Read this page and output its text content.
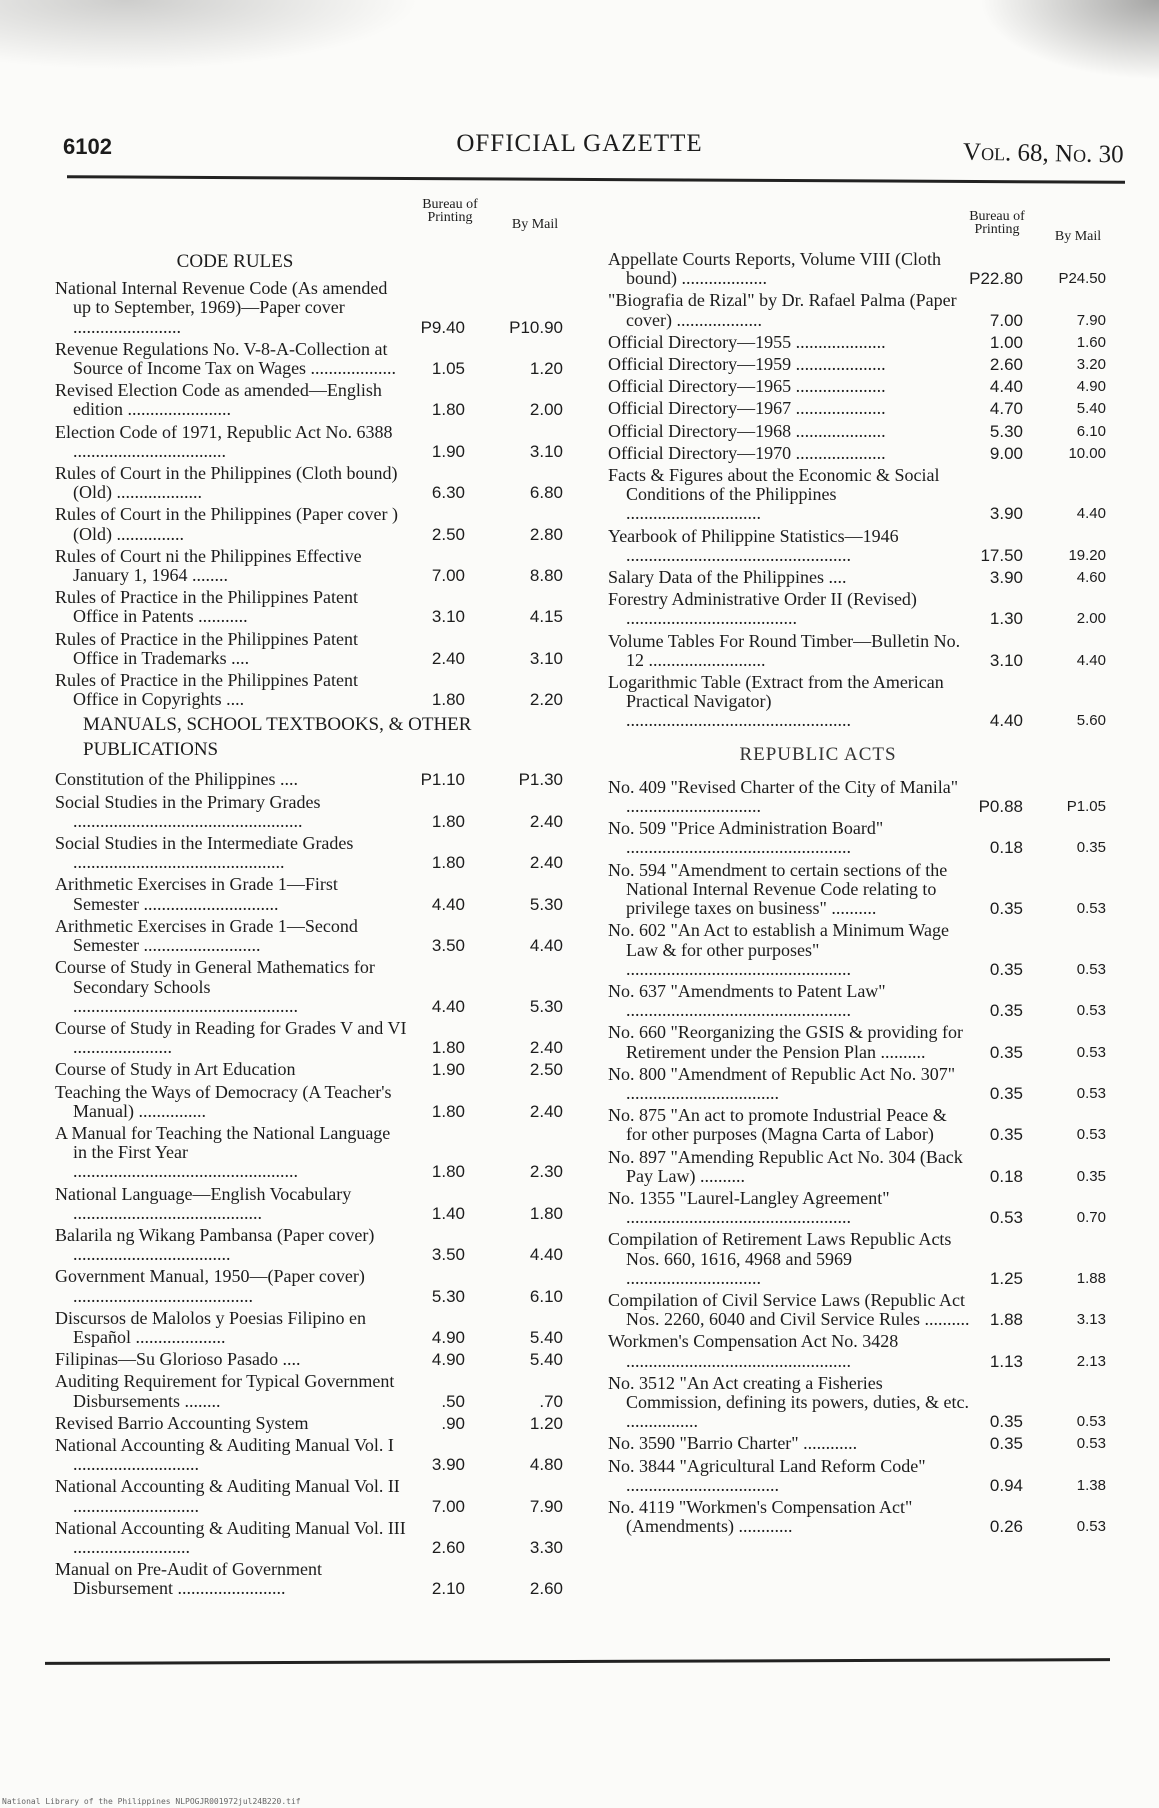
6102	OFFICIAL GAZETTE	Vol. 68, No. 30
Bureau of Printing	By Mail
CODE RULES
National Internal Revenue Code (As amended up to September, 1969)—Paper cover ........................	P9.40	P10.90
Revenue Regulations No. V-8-A-Collection at Source of Income Tax on Wages ...................	1.05	1.20
Revised Election Code as amended—English edition .......................	1.80	2.00
Election Code of 1971, Republic Act No. 6388 ..................................	1.90	3.10
Rules of Court in the Philippines (Cloth bound) (Old) ...................	6.30	6.80
Rules of Court in the Philippines (Paper cover ) (Old) ...............	2.50	2.80
Rules of Court ni the Philippines Effective January 1, 1964 ........	7.00	8.80
Rules of Practice in the Philippines Patent Office in Patents ...........	3.10	4.15
Rules of Practice in the Philippines Patent Office in Trademarks ....	2.40	3.10
Rules of Practice in the Philippines Patent Office in Copyrights ....	1.80	2.20
MANUALS, SCHOOL TEXTBOOKS, & OTHER PUBLICATIONS
Constitution of the Philippines ....	P1.10	P1.30
Social Studies in the Primary Grades ...................................................	1.80	2.40
Social Studies in the Intermediate Grades ...............................................	1.80	2.40
Arithmetic Exercises in Grade 1—First Semester ..............................	4.40	5.30
Arithmetic Exercises in Grade 1—Second Semester ..........................	3.50	4.40
Course of Study in General Mathematics for Secondary Schools ..................................................	4.40	5.30
Course of Study in Reading for Grades V and VI ......................	1.80	2.40
Course of Study in Art Education	1.90	2.50
Teaching the Ways of Democracy (A Teacher's Manual) ...............	1.80	2.40
A Manual for Teaching the National Language in the First Year ..................................................	1.80	2.30
National Language—English Vocabulary ..........................................	1.40	1.80
Balarila ng Wikang Pambansa (Paper cover) ...................................	3.50	4.40
Government Manual, 1950—(Paper cover) ........................................	5.30	6.10
Discursos de Malolos y Poesias Filipino en Español ....................	4.90	5.40
Filipinas—Su Glorioso Pasado ....	4.90	5.40
Auditing Requirement for Typical Government Disbursements ........	.50	.70
Revised Barrio Accounting System	.90	1.20
National Accounting & Auditing Manual Vol. I ............................	3.90	4.80
National Accounting & Auditing Manual Vol. II ............................	7.00	7.90
National Accounting & Auditing Manual Vol. III ..........................	2.60	3.30
Manual on Pre-Audit of Government Disbursement ........................	2.10	2.60
Bureau of Printing	By Mail
Appellate Courts Reports, Volume VIII (Cloth bound) ...................	P22.80	P24.50
"Biografia de Rizal" by Dr. Rafael Palma (Paper cover) ...................	7.00	7.90
Official Directory—1955 ....................	1.00	1.60
Official Directory—1959 ....................	2.60	3.20
Official Directory—1965 ....................	4.40	4.90
Official Directory—1967 ....................	4.70	5.40
Official Directory—1968 ....................	5.30	6.10
Official Directory—1970 ....................	9.00	10.00
Facts & Figures about the Economic & Social Conditions of the Philippines ..............................	3.90	4.40
Yearbook of Philippine Statistics—1946 ..................................................	17.50	19.20
Salary Data of the Philippines ....	3.90	4.60
Forestry Administrative Order II (Revised) ......................................	1.30	2.00
Volume Tables For Round Timber—Bulletin No. 12 ..........................	3.10	4.40
Logarithmic Table (Extract from the American Practical Navigator) ..................................................	4.40	5.60
REPUBLIC ACTS
No. 409 "Revised Charter of the City of Manila" ..............................	P0.88	P1.05
No. 509 "Price Administration Board" ..................................................	0.18	0.35
No. 594 "Amendment to certain sections of the National Internal Revenue Code relating to privilege taxes on business" ..........	0.35	0.53
No. 602 "An Act to establish a Minimum Wage Law & for other purposes" ..................................................	0.35	0.53
No. 637 "Amendments to Patent Law" ..................................................	0.35	0.53
No. 660 "Reorganizing the GSIS & providing for Retirement under the Pension Plan ..........	0.35	0.53
No. 800 "Amendment of Republic Act No. 307" ..................................	0.35	0.53
No. 875 "An act to promote Industrial Peace & for other purposes (Magna Carta of Labor)	0.35	0.53
No. 897 "Amending Republic Act No. 304 (Back Pay Law) ..........	0.18	0.35
No. 1355 "Laurel-Langley Agreement" ..................................................	0.53	0.70
Compilation of Retirement Laws Republic Acts Nos. 660, 1616, 4968 and 5969 ..............................	1.25	1.88
Compilation of Civil Service Laws (Republic Act Nos. 2260, 6040 and Civil Service Rules ..........	1.88	3.13
Workmen's Compensation Act No. 3428 ..................................................	1.13	2.13
No. 3512 "An Act creating a Fisheries Commission, defining its powers, duties, & etc. ................	0.35	0.53
No. 3590 "Barrio Charter" ............	0.35	0.53
No. 3844 "Agricultural Land Reform Code" ..................................	0.94	1.38
No. 4119 "Workmen's Compensation Act" (Amendments) ............	0.26	0.53
National Library of the Philippines NLPOGJR001972jul24B220.tif
